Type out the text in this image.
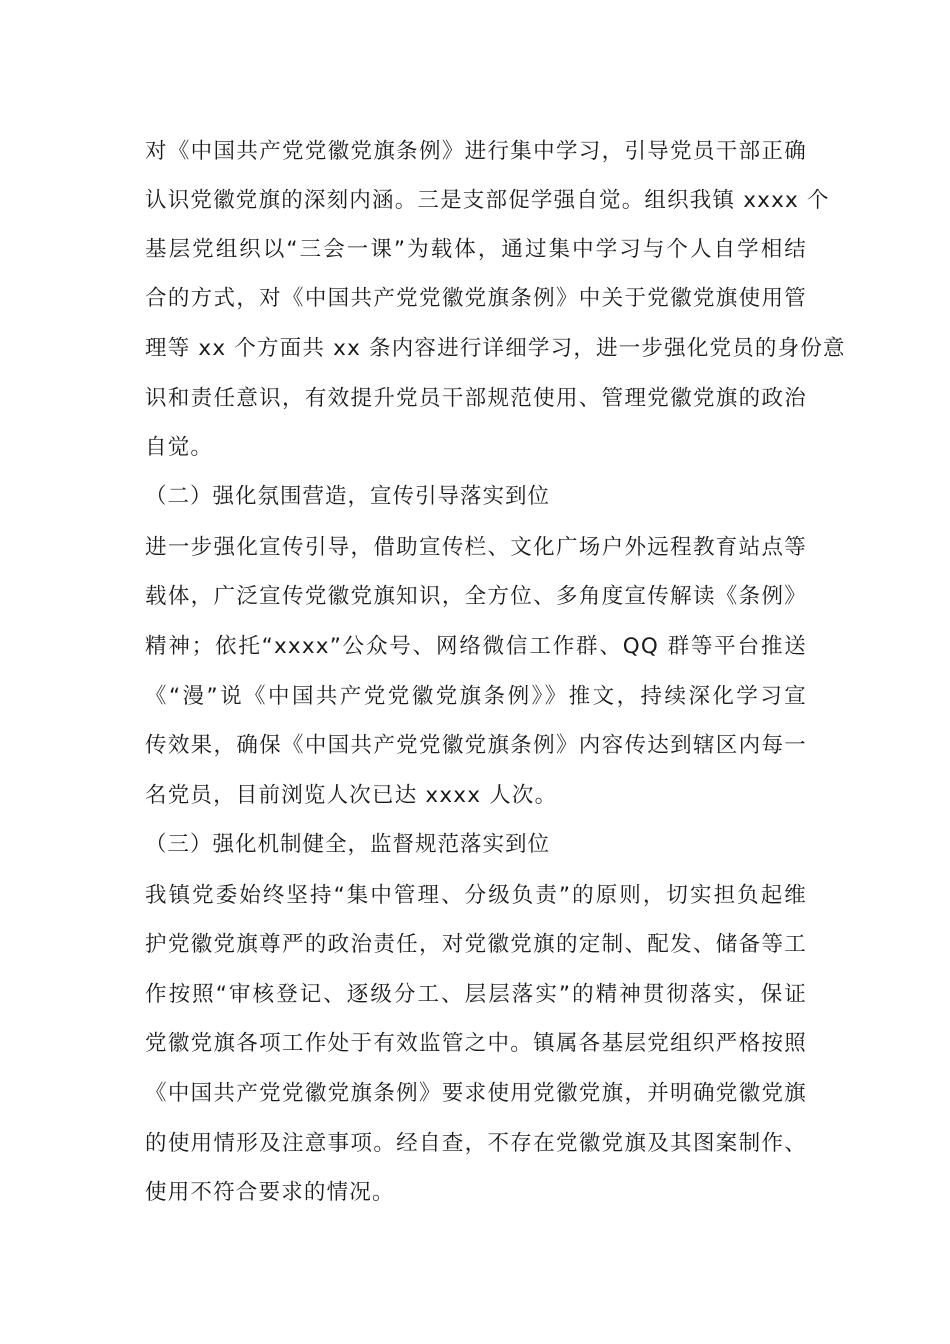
对《中国共产党党徽党旗条例》进行集中学习，引导党员干部正确
认识党徽党旗的深刻内涵。三是支部促学强自觉。组织我镇 xxxx 个
基层党组织以“三会一课”为载体，通过集中学习与个人自学相结
合的方式，对《中国共产党党徽党旗条例》中关于党徽党旗使用管
理等 xx 个方面共 xx 条内容进行详细学习，进一步强化党员的身份意
识和责任意识，有效提升党员干部规范使用、管理党徽党旗的政治
自觉。
（二）强化氛围营造，宣传引导落实到位
进一步强化宣传引导，借助宣传栏、文化广场户外远程教育站点等
载体，广泛宣传党徽党旗知识，全方位、多角度宣传解读《条例》
精神；依托“xxxx”公众号、网络微信工作群、QQ 群等平台推送
《“漫”说《中国共产党党徽党旗条例》》推文，持续深化学习宣
传效果，确保《中国共产党党徽党旗条例》内容传达到辖区内每一
名党员，目前浏览人次已达 xxxx 人次。
（三）强化机制健全，监督规范落实到位
我镇党委始终坚持“集中管理、分级负责”的原则，切实担负起维
护党徽党旗尊严的政治责任，对党徽党旗的定制、配发、储备等工
作按照“审核登记、逐级分工、层层落实”的精神贯彻落实，保证
党徽党旗各项工作处于有效监管之中。镇属各基层党组织严格按照
《中国共产党党徽党旗条例》要求使用党徽党旗，并明确党徽党旗
的使用情形及注意事项。经自查，不存在党徽党旗及其图案制作、
使用不符合要求的情况。
